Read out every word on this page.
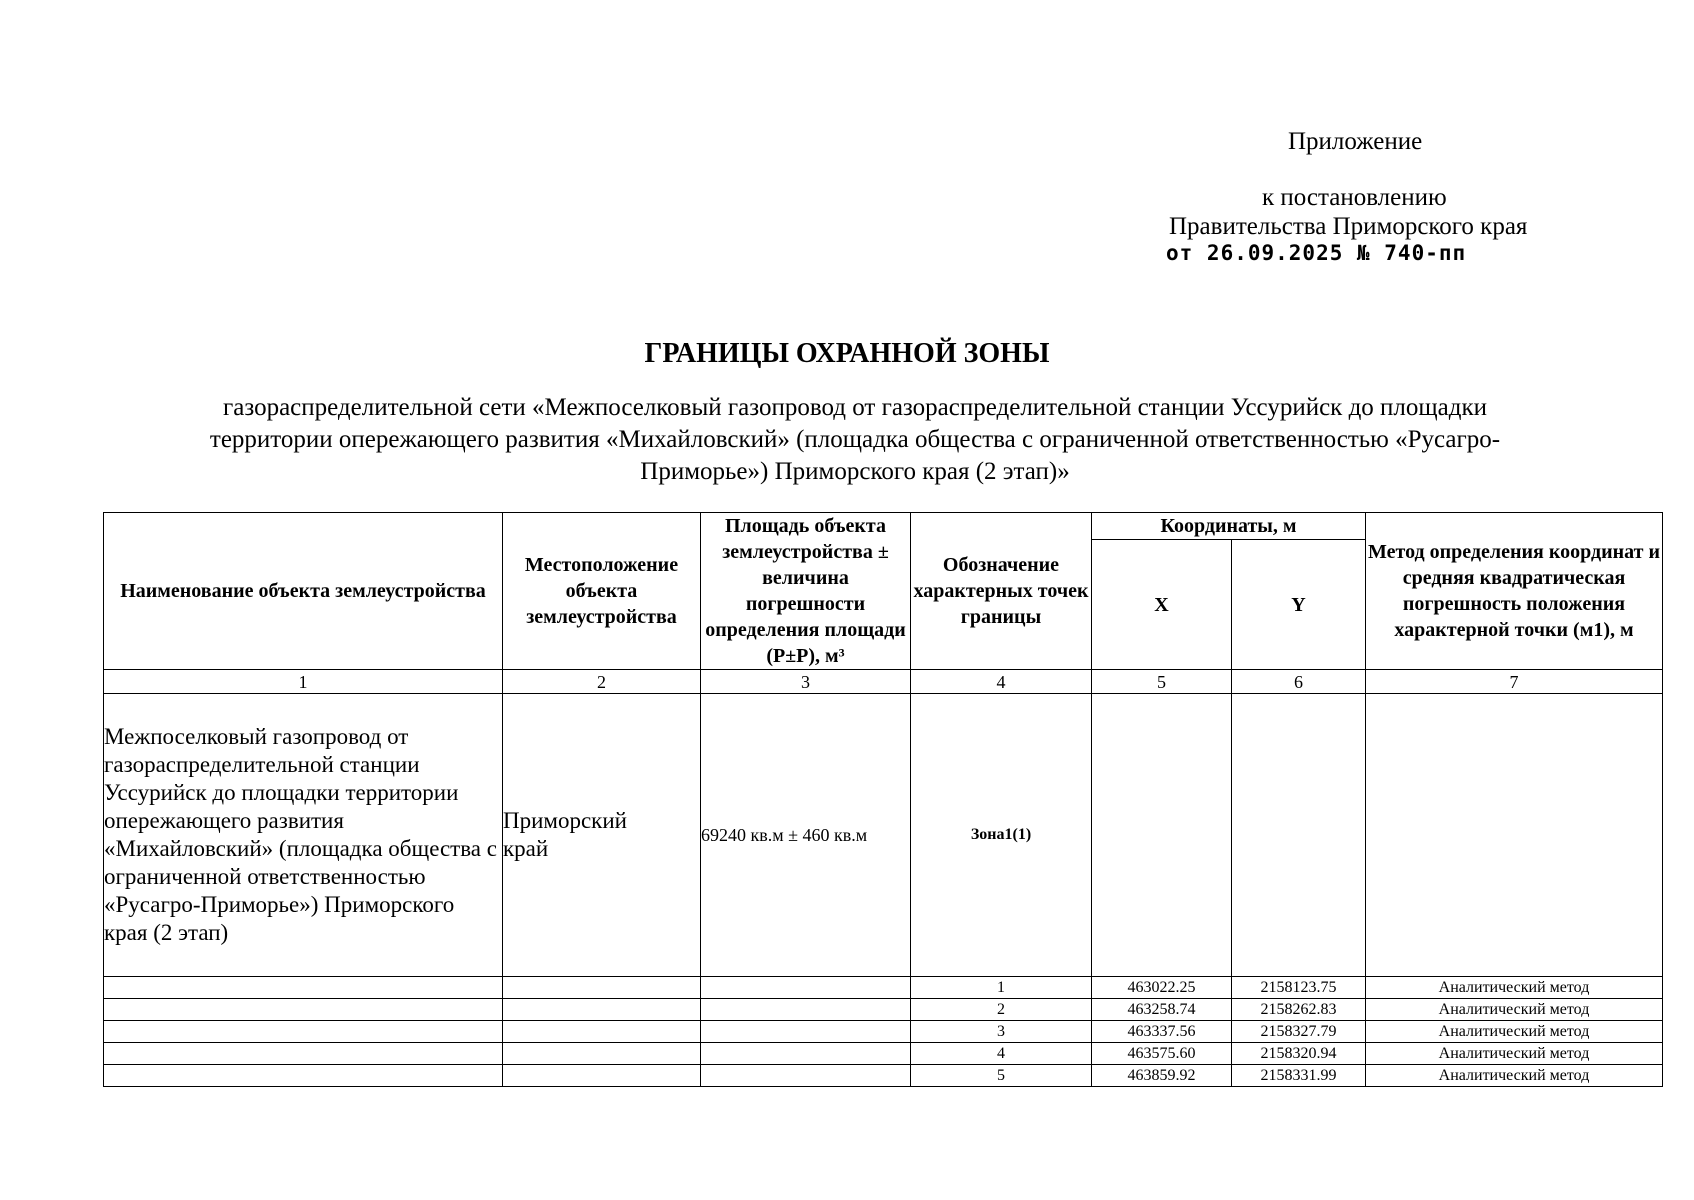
Приложение
к постановлению
Правительства Приморского края
от 26.09.2025 № 740-пп
ГРАНИЦЫ ОХРАННОЙ ЗОНЫ
газораспределительной сети «Межпоселковый газопровод от газораспределительной станции Уссурийск до площадки
территории опережающего развития «Михайловский» (площадка общества с ограниченной ответственностью «Русагро-
Приморье») Приморского края (2 этап)»
Наименование объекта землеустройства	Местоположение объекта землеустройства	Площадь объекта землеустройства ± величина погрешности определения площади (P±P), м³	Обозначение характерных точек границы	Координаты, м		Метод определения координат и средняя квадратическая погрешность положения характерной точки (м1), м
				X	Y	
1	2	3	4	5	6	7
Межпоселковый газопровод от газораспределительной станции Уссурийск до площадки территории опережающего развития «Михайловский» (площадка общества с ограниченной ответственностью «Русагро-Приморье») Приморского края (2 этап)	Приморский край	69240 кв.м ± 460 кв.м	Зона1(1)			
			1	463022.25	2158123.75	Аналитический метод
			2	463258.74	2158262.83	Аналитический метод
			3	463337.56	2158327.79	Аналитический метод
			4	463575.60	2158320.94	Аналитический метод
			5	463859.92	2158331.99	Аналитический метод
